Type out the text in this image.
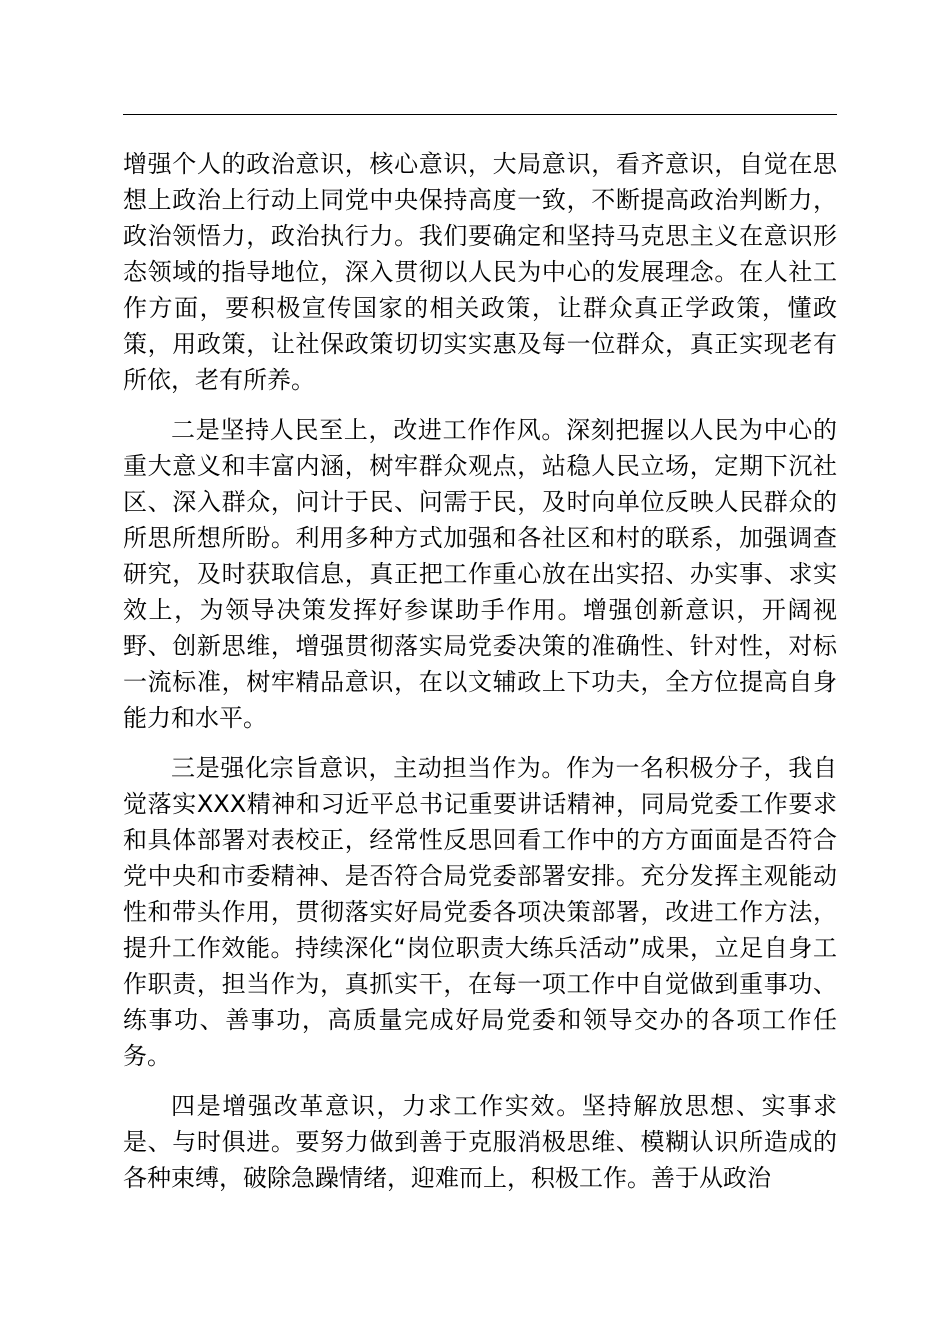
增强个人的政治意识，核心意识，大局意识，看齐意识，自觉在思想上政治上行动上同党中央保持高度一致，不断提高政治判断力，政治领悟力，政治执行力。我们要确定和坚持马克思主义在意识形态领域的指导地位，深入贯彻以人民为中心的发展理念。在人社工作方面，要积极宣传国家的相关政策，让群众真正学政策，懂政策，用政策，让社保政策切切实实惠及每一位群众，真正实现老有所依，老有所养。

二是坚持人民至上，改进工作作风。深刻把握以人民为中心的重大意义和丰富内涵，树牢群众观点，站稳人民立场，定期下沉社区、深入群众，问计于民、问需于民，及时向单位反映人民群众的所思所想所盼。利用多种方式加强和各社区和村的联系，加强调查研究，及时获取信息，真正把工作重心放在出实招、办实事、求实效上，为领导决策发挥好参谋助手作用。增强创新意识，开阔视野、创新思维，增强贯彻落实局党委决策的准确性、针对性，对标一流标准，树牢精品意识，在以文辅政上下功夫，全方位提高自身能力和水平。

三是强化宗旨意识，主动担当作为。作为一名积极分子，我自觉落实XXX精神和习近平总书记重要讲话精神，同局党委工作要求和具体部署对表校正，经常性反思回看工作中的方方面面是否符合党中央和市委精神、是否符合局党委部署安排。充分发挥主观能动性和带头作用，贯彻落实好局党委各项决策部署，改进工作方法，提升工作效能。持续深化“岗位职责大练兵活动”成果，立足自身工作职责，担当作为，真抓实干，在每一项工作中自觉做到重事功、练事功、善事功，高质量完成好局党委和领导交办的各项工作任务。

四是增强改革意识，力求工作实效。坚持解放思想、实事求是、与时俱进。要努力做到善于克服消极思维、模糊认识所造成的各种束缚，破除急躁情绪，迎难而上，积极工作。善于从政治
